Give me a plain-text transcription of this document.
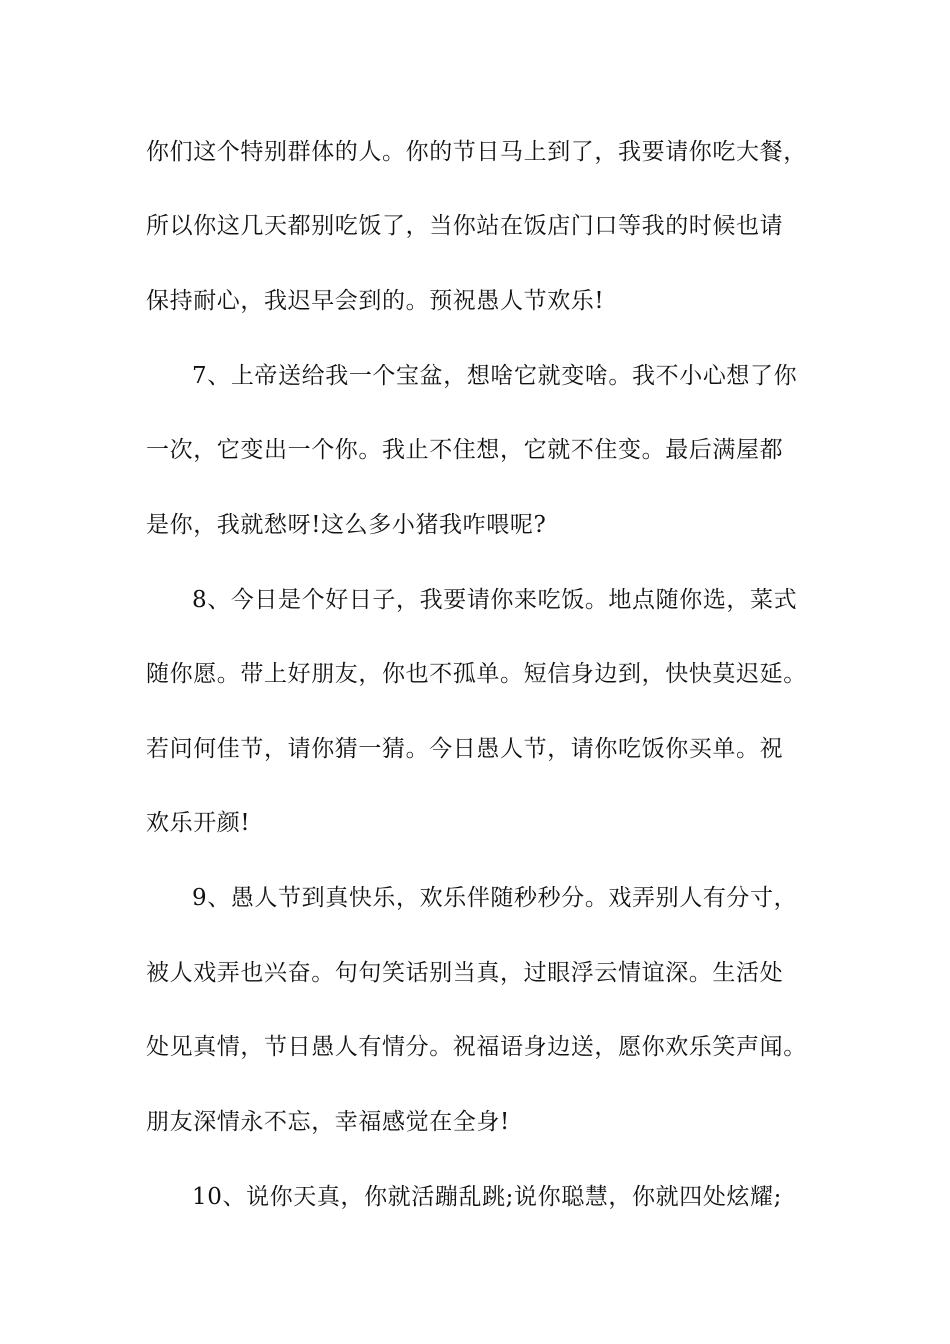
你们这个特别群体的人。你的节日马上到了，我要请你吃大餐，
所以你这几天都别吃饭了，当你站在饭店门口等我的时候也请
保持耐心，我迟早会到的。预祝愚人节欢乐!
7、上帝送给我一个宝盆，想啥它就变啥。我不小心想了你
一次，它变出一个你。我止不住想，它就不住变。最后满屋都
是你，我就愁呀!这么多小猪我咋喂呢?
8、今日是个好日子，我要请你来吃饭。地点随你选，菜式
随你愿。带上好朋友，你也不孤单。短信身边到，快快莫迟延。
若问何佳节，请你猜一猜。今日愚人节，请你吃饭你买单。祝
欢乐开颜!
9、愚人节到真快乐，欢乐伴随秒秒分。戏弄别人有分寸，
被人戏弄也兴奋。句句笑话别当真，过眼浮云情谊深。生活处
处见真情，节日愚人有情分。祝福语身边送，愿你欢乐笑声闻。
朋友深情永不忘，幸福感觉在全身!
10、说你天真，你就活蹦乱跳;说你聪慧，你就四处炫耀;
